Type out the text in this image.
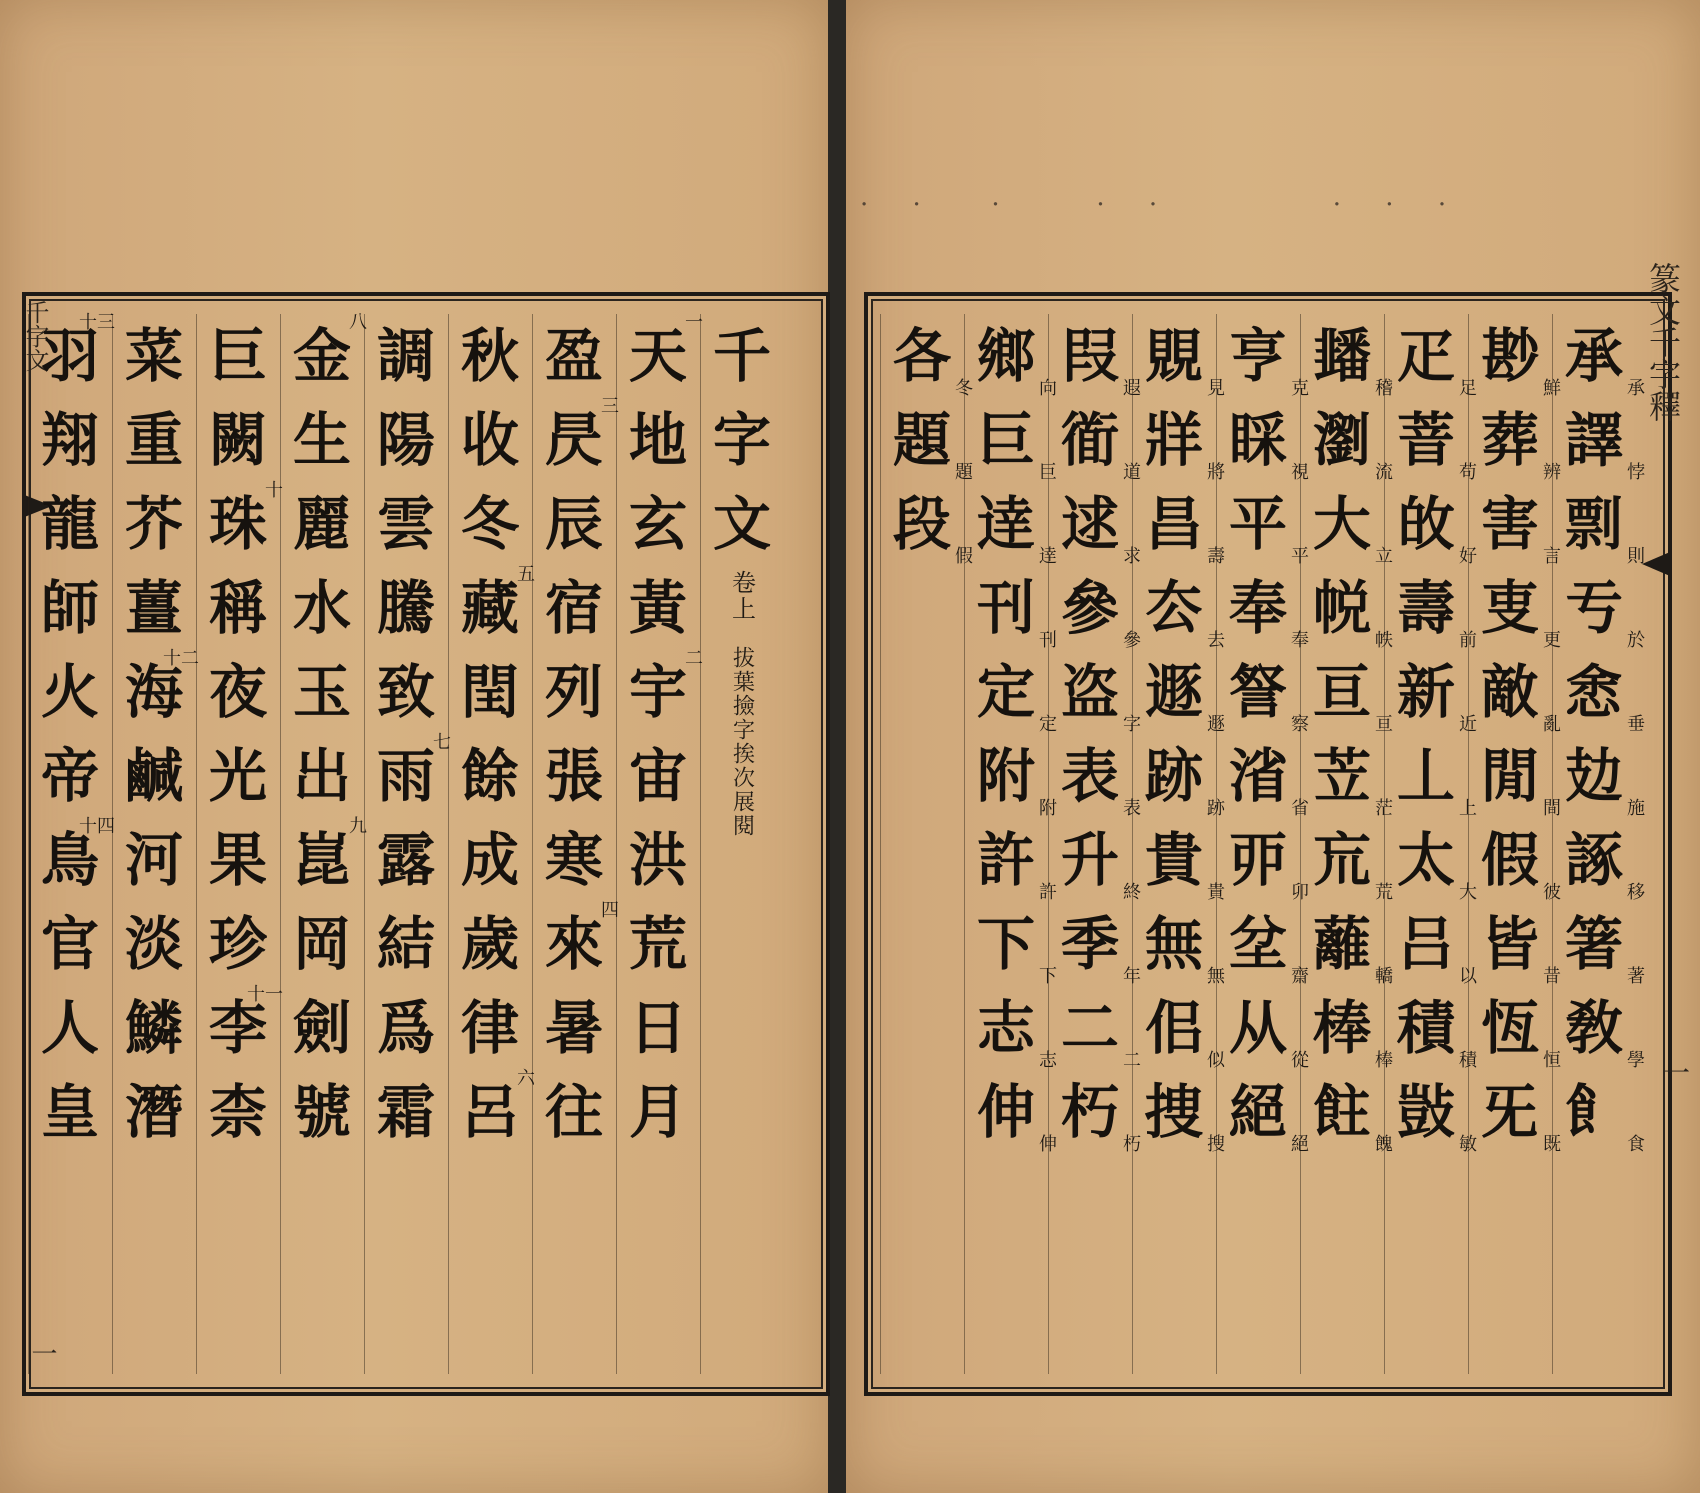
千字文
一
篆文千字釋
一
· ·  ·   · ·      · · ·
千
字
文
卷上
拔葉撿字挨次展閱
天
一
地
玄
黃
宇
二
宙
洪
荒
日
月
盈
昃
三
辰
宿
列
張
寒
來
四
暑
往
秋
收
冬
藏
五
閏
餘
成
歲
律
呂
六
調
陽
雲
騰
致
雨
七
露
結
爲
霜
金
八
生
麗
水
玉
出
崑
九
岡
劍
號
巨
闕
珠
十
稱
夜
光
果
珍
李
十一
柰
菜
重
芥
薑
海
十二
鹹
河
淡
鱗
潛
羽
十三
翔
龍
師
火
帝
鳥
十四
官
人
皇
承 承
譯 悖
剽 則
亐 於
悆 垂
攰 施
諑 移
箸 著
敎 學
飠 食
尠 鮮
葬 辨
害 言
叓 更
敵 亂
閒 間
假 彼
皆 昔
恆 恒
旡 既
疋 足
萻 苟
敀 好
壽 前
新 近
丄 上
太 大
吕 以
積 積
敱 敏
䪤 稽
瀏 流
大 立
帨 帙
亘 亘
苙 茫
巟 荒
蘺 轎
棒 棒
飳 餽
亨 克
睬 視
平 平
奉 奉
詧 察
渻 省
丣 卯
坌 齋
从 從
絕 絕
覞 見
牂 將
昌 壽
厺 去
遯 遯
跡 跡
貴 貴
無 無
佀 似
捜 搜
叚 遐
衜 道
逑 求
參 參
盗 字
表 表
升 終
季 年
二 二
朽 朽
鄉 向
巨 巨
逹 逹
刊 刊
定 定
附 附
許 許
下 下
志 志
伸 伸
各 冬
題 題
段 假
